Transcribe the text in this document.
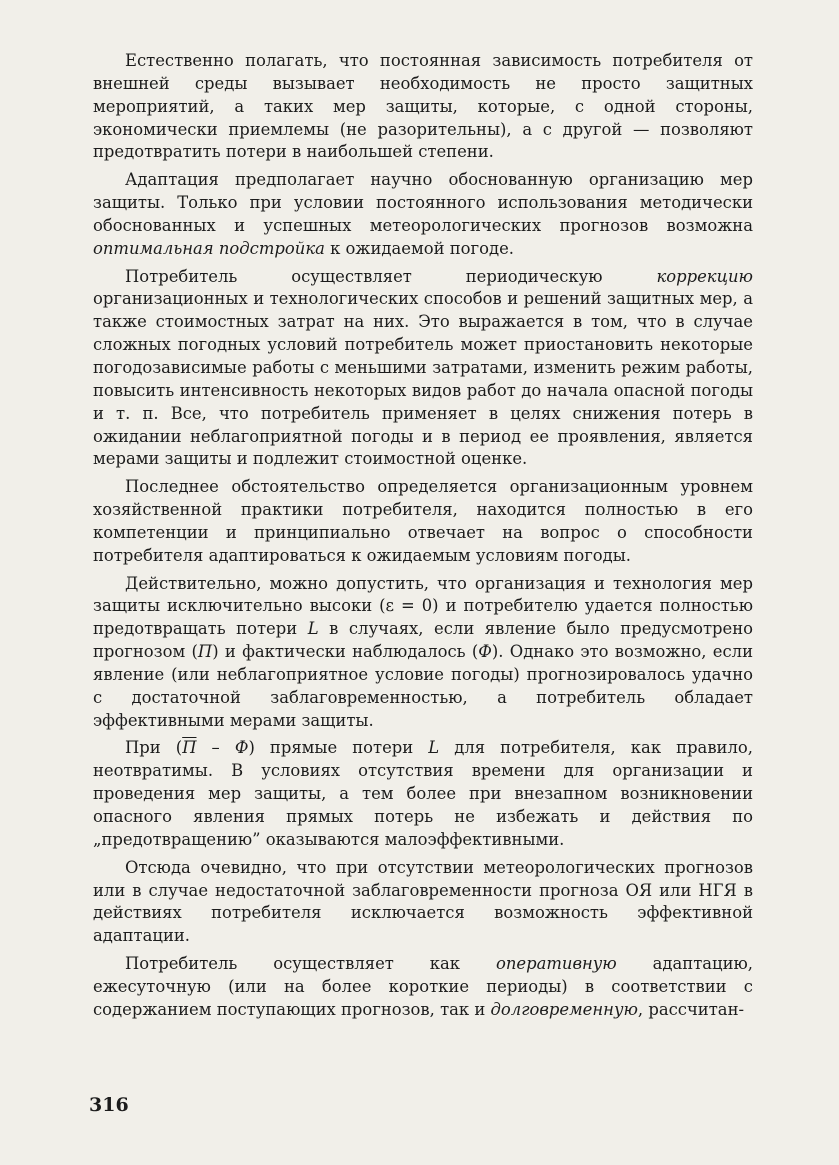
Естественно полагать, что постоянная зависимость потребителя от внешней среды вызывает необходимость не просто защитных мероприятий, а таких мер защиты, которые, с одной стороны, экономически приемлемы (не разорительны), а с другой — позволяют предотвратить потери в наибольшей степени.

Адаптация предполагает научно обоснованную организацию мер защиты. Только при условии постоянного использования методически обоснованных и успешных метеорологических прогнозов возможна оптимальная подстройка к ожидаемой погоде.

Потребитель осуществляет периодическую коррекцию организационных и технологических способов и решений защитных мер, а также стоимостных затрат на них. Это выражается в том, что в случае сложных погодных условий потребитель может приостановить некоторые погодозависимые работы с меньшими затратами, изменить режим работы, повысить интенсивность некоторых видов работ до начала опасной погоды и т. п. Все, что потребитель применяет в целях снижения потерь в ожидании неблагоприятной погоды и в период ее проявления, является мерами защиты и подлежит стоимостной оценке.

Последнее обстоятельство определяется организационным уровнем хозяйственной практики потребителя, находится полностью в его компетенции и принципиально отвечает на вопрос о способности потребителя адаптироваться к ожидаемым условиям погоды.

Действительно, можно допустить, что организация и технология мер защиты исключительно высоки (ε = 0) и потребителю удается полностью предотвращать потери L в случаях, если явление было предусмотрено прогнозом (П) и фактически наблюдалось (Ф). Однако это возможно, если явление (или неблагоприятное условие погоды) прогнозировалось удачно с достаточной заблаговременностью, а потребитель обладает эффективными мерами защиты.

При (П – Ф) прямые потери L для потребителя, как правило, неотвратимы. В условиях отсутствия времени для организации и проведения мер защиты, а тем более при внезапном возникновении опасного явления прямых потерь не избежать и действия по „предотвращению” оказываются малоэффективными.

Отсюда очевидно, что при отсутствии метеорологических прогнозов или в случае недостаточной заблаговременности прогноза ОЯ или НГЯ в действиях потребителя исключается возможность эффективной адаптации.

Потребитель осуществляет как оперативную адаптацию, ежесуточную (или на более короткие периоды) в соответствии с содержанием поступающих прогнозов, так и долговременную, рассчитан-

316
